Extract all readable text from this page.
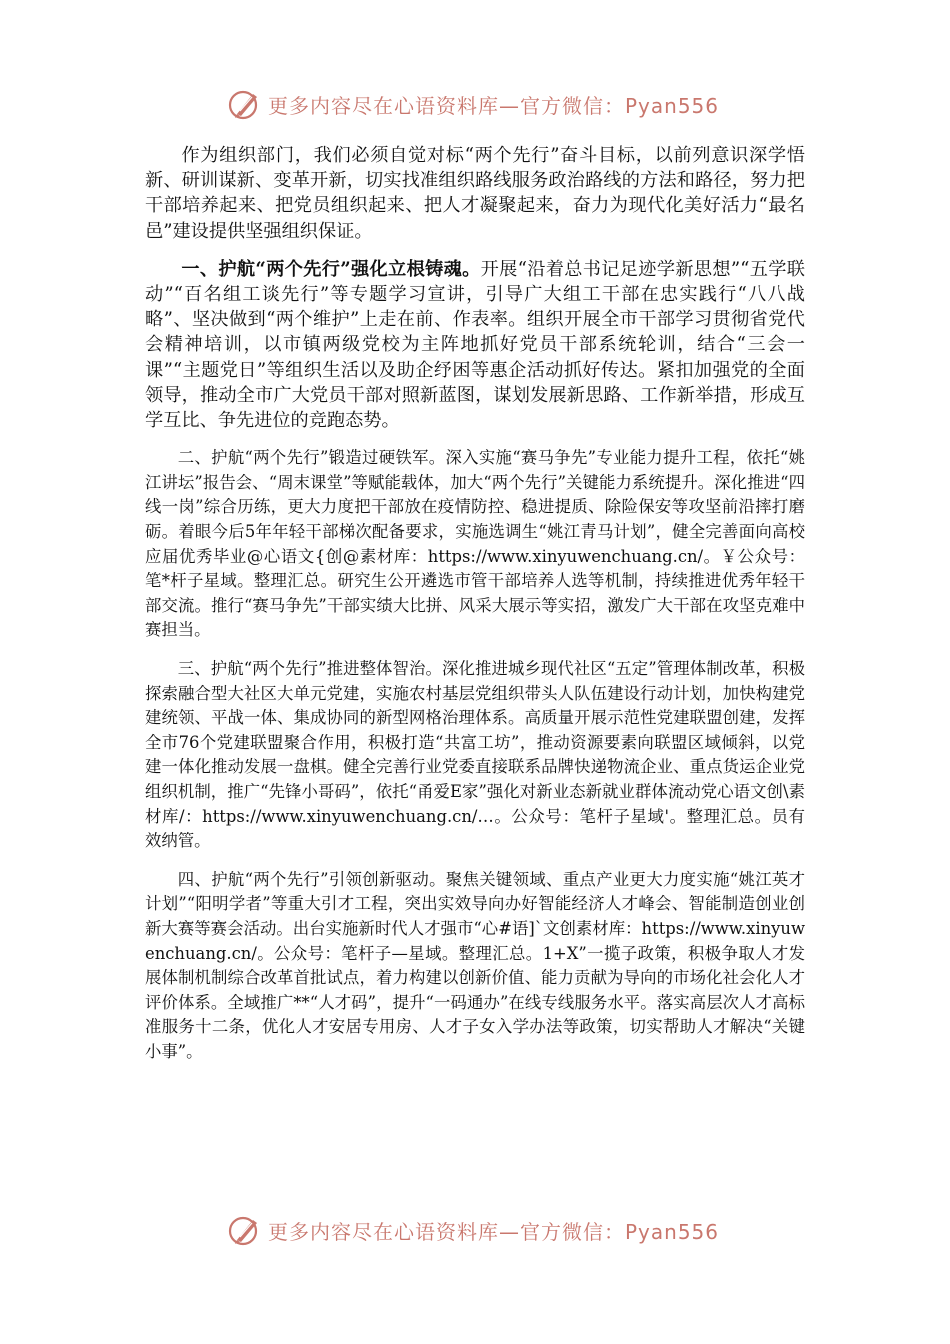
更多内容尽在心语资料库—官方微信：Pyan556

作为组织部门，我们必须自觉对标“两个先行”奋斗目标，以前列意识深学悟新、研训谋新、变革开新，切实找准组织路线服务政治路线的方法和路径，努力把干部培养起来、把党员组织起来、把人才凝聚起来，奋力为现代化美好活力“最名邑”建设提供坚强组织保证。

一、护航“两个先行”强化立根铸魂。开展“沿着总书记足迹学新思想”“五学联动”“百名组工谈先行”等专题学习宣讲，引导广大组工干部在忠实践行“八八战略”、坚决做到“两个维护”上走在前、作表率。组织开展全市干部学习贯彻省党代会精神培训，以市镇两级党校为主阵地抓好党员干部系统轮训，结合“三会一课”“主题党日”等组织生活以及助企纾困等惠企活动抓好传达。紧扣加强党的全面领导，推动全市广大党员干部对照新蓝图，谋划发展新思路、工作新举措，形成互学互比、争先进位的竞跑态势。

二、护航“两个先行”锻造过硬铁军。深入实施“赛马争先”专业能力提升工程，依托“姚江讲坛”报告会、“周末课堂”等赋能载体，加大“两个先行”关键能力系统提升。深化推进“四线一岗”综合历练，更大力度把干部放在疫情防控、稳进提质、除险保安等攻坚前沿摔打磨砺。着眼今后5年年轻干部梯次配备要求，实施选调生“姚江青马计划”，健全完善面向高校应届优秀毕业@心语文{创@素材库：https://www.xinyuwenchuang.cn/。￥公众号：笔*杆子星域。整理汇总。研究生公开遴选市管干部培养人选等机制，持续推进优秀年轻干部交流。推行“赛马争先”干部实绩大比拼、风采大展示等实招，激发广大干部在攻坚克难中赛担当。

三、护航“两个先行”推进整体智治。深化推进城乡现代社区“五定”管理体制改革，积极探索融合型大社区大单元党建，实施农村基层党组织带头人队伍建设行动计划，加快构建党建统领、平战一体、集成协同的新型网格治理体系。高质量开展示范性党建联盟创建，发挥全市76个党建联盟聚合作用，积极打造“共富工坊”，推动资源要素向联盟区域倾斜，以党建一体化推动发展一盘棋。健全完善行业党委直接联系品牌快递物流企业、重点货运企业党组织机制，推广“先锋小哥码”，依托“甬爱E家”强化对新业态新就业群体流动党心语文创\素材库/：https://www.xinyuwenchuang.cn/…。公众号：笔杆子星域'。整理汇总。员有效纳管。

四、护航“两个先行”引领创新驱动。聚焦关键领域、重点产业更大力度实施“姚江英才计划”“阳明学者”等重大引才工程，突出实效导向办好智能经济人才峰会、智能制造创业创新大赛等赛会活动。出台实施新时代人才强市“心#语]`文创素材库：https://www.xinyuwenchuang.cn/。公众号：笔杆子—星域。整理汇总。1+X”一揽子政策，积极争取人才发展体制机制综合改革首批试点，着力构建以创新价值、能力贡献为导向的市场化社会化人才评价体系。全域推广**“人才码”，提升“一码通办”在线专线服务水平。落实高层次人才高标准服务十二条，优化人才安居专用房、人才子女入学办法等政策，切实帮助人才解决“关键小事”。

更多内容尽在心语资料库—官方微信：Pyan556
